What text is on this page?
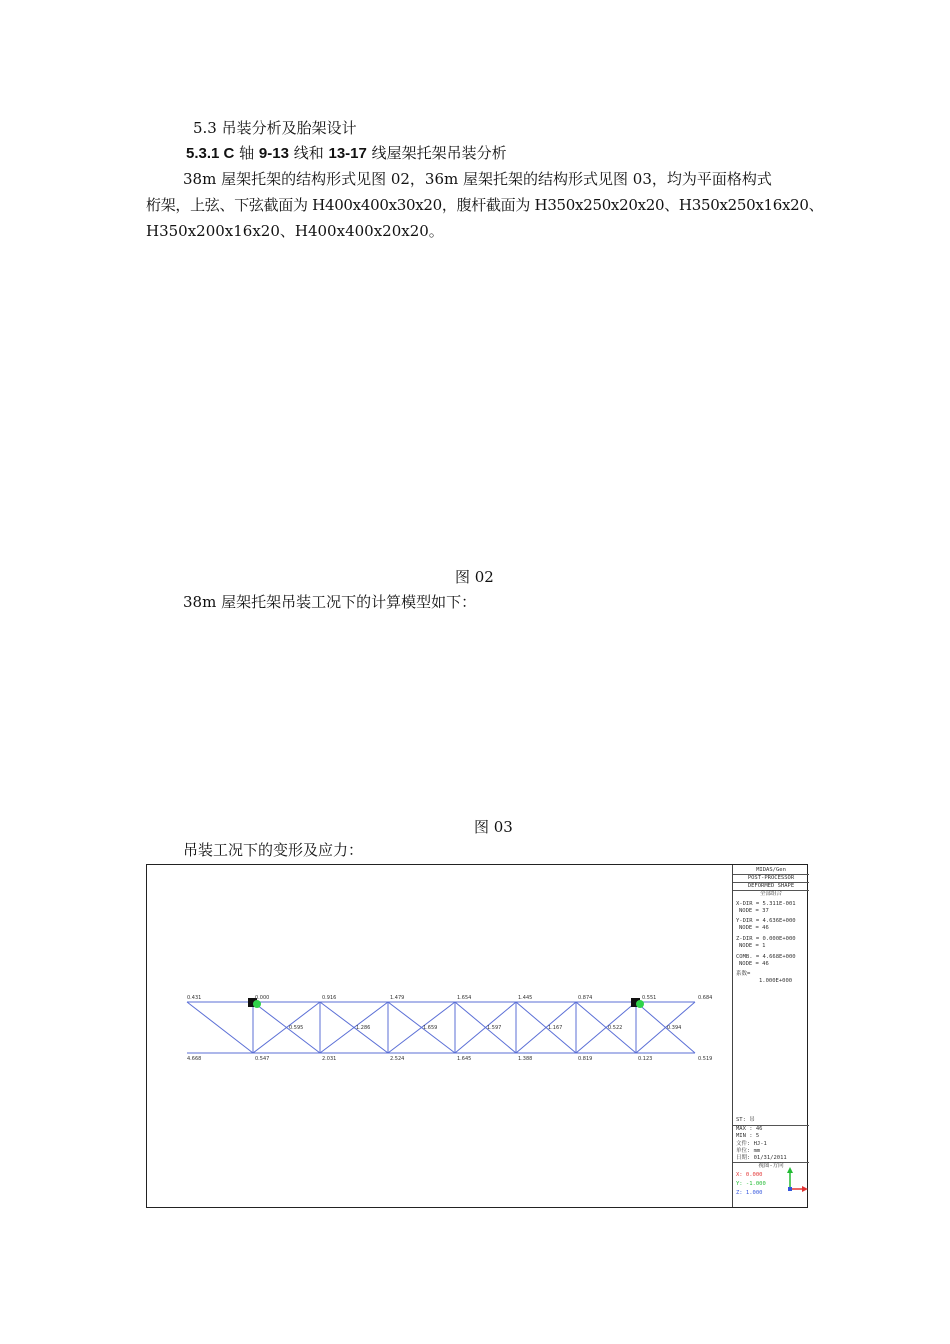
5.3 吊装分析及胎架设计
5.3.1 C 轴 9-13 线和 13-17 线屋架托架吊装分析
38m 屋架托架的结构形式见图 02，36m 屋架托架的结构形式见图 03，均为平面格构式
桁架，上弦、下弦截面为 H400x400x30x20，腹杆截面为 H350x250x20x20、H350x250x16x20、
H350x200x16x20、H400x400x20x20。
图 02
38m 屋架托架吊装工况下的计算模型如下：
图 03
吊装工况下的变形及应力：
0.431	0.000	0.916	1.479	1.654	1.445	0.874	0.551	0.684
0.595	1.286	1.659	1.597	1.167	0.522	0.394
4.668	0.547	2.031	2.524	1.645	1.388	0.819	0.123	0.519
MIDAS/Gen
POST-PROCESSOR
DEFORMED SHAPE
全部组合
X-DIR = 5.311E-001
NODE = 37
Y-DIR = 4.636E+000
NODE = 46
Z-DIR = 0.000E+000
NODE = 1
COMB. = 4.668E+000
NODE = 46
系数=
1.000E+000
ST: 吊
MAX : 46
MIN : 5
文件: HJ-1
单位: mm
日期: 01/31/2011
视图-方向
X: 0.000
Y: -1.000
Z: 1.000
